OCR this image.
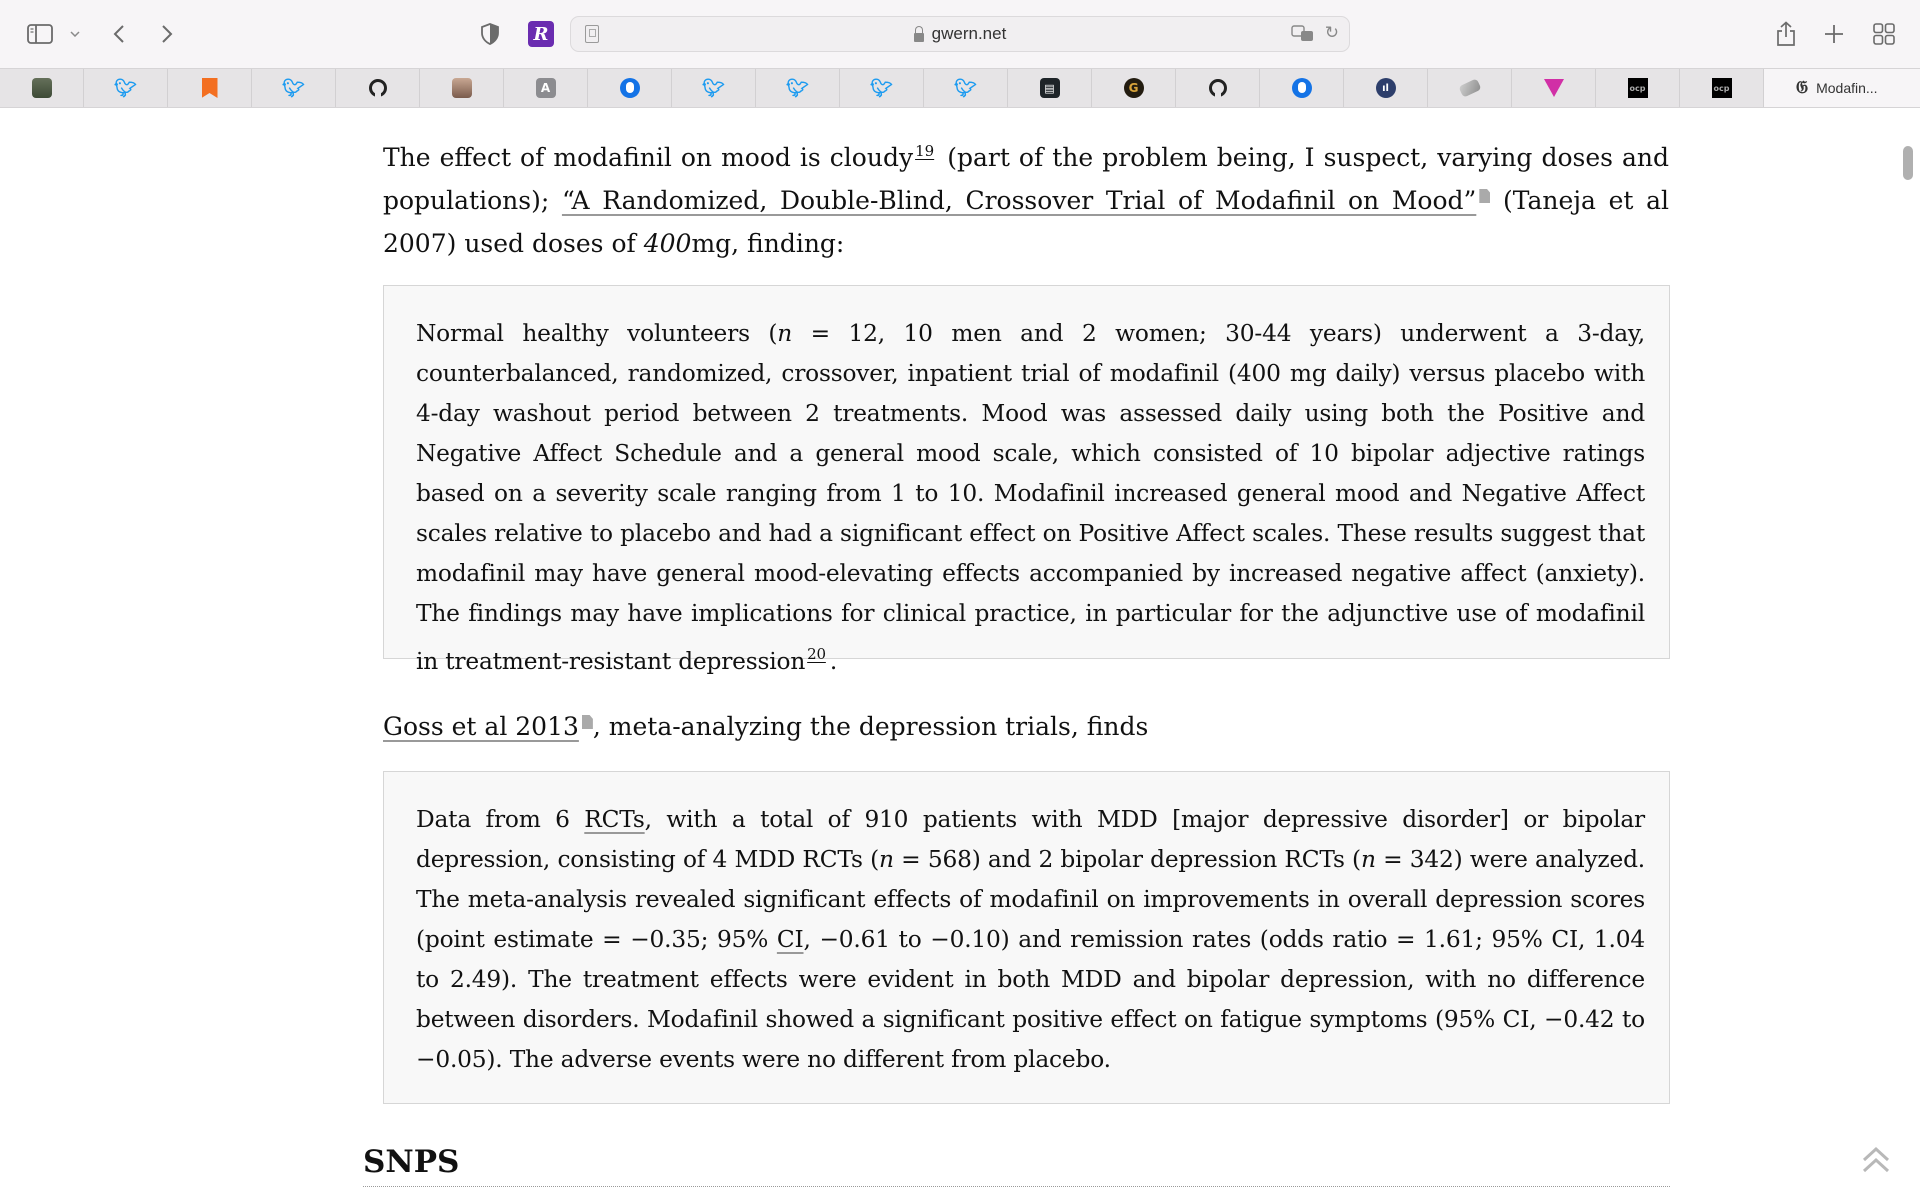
R	gwern.net	↻
🐦︎	🐦︎	A	🐦︎	🐦︎	🐦︎	🐦︎	▤	G	ıl	ocp	ocp	𝔊 Modafin...

The effect of modafinil on mood is cloudy $^{19}$ (part of the problem being, I suspect, varying doses and populations); “A Randomized, Double-Blind, Crossover Trial of Modafinil on Mood” (Taneja et al 2007) used doses of 400mg, finding:

Normal healthy volunteers (n = 12, 10 men and 2 women; 30-44 years) underwent a 3-day, counterbalanced, randomized, crossover, inpatient trial of modafinil (400 mg daily) versus placebo with 4-day washout period between 2 treatments. Mood was assessed daily using both the Positive and Negative Affect Schedule and a general mood scale, which consisted of 10 bipolar adjective ratings based on a severity scale ranging from 1 to 10. Modafinil increased general mood and Negative Affect scales relative to placebo and had a significant effect on Positive Affect scales. These results suggest that modafinil may have general mood-elevating effects accompanied by increased negative affect (anxiety). The findings may have implications for clinical practice, in particular for the adjunctive use of modafinil in treatment-resistant depression $^{20}$ .

Goss et al 2013 , meta-analyzing the depression trials, finds

Data from 6 RCTs, with a total of 910 patients with MDD [major depressive disorder] or bipolar depression, consisting of 4 MDD RCTs (n = 568) and 2 bipolar depression RCTs (n = 342) were analyzed. The meta-analysis revealed significant effects of modafinil on improvements in overall depression scores (point estimate = −0.35; 95% CI, −0.61 to −0.10) and remission rates (odds ratio = 1.61; 95% CI, 1.04 to 2.49). The treatment effects were evident in both MDD and bipolar depression, with no difference between disorders. Modafinil showed a significant positive effect on fatigue symptoms (95% CI, −0.42 to −0.05). The adverse events were no different from placebo.
SNPS
